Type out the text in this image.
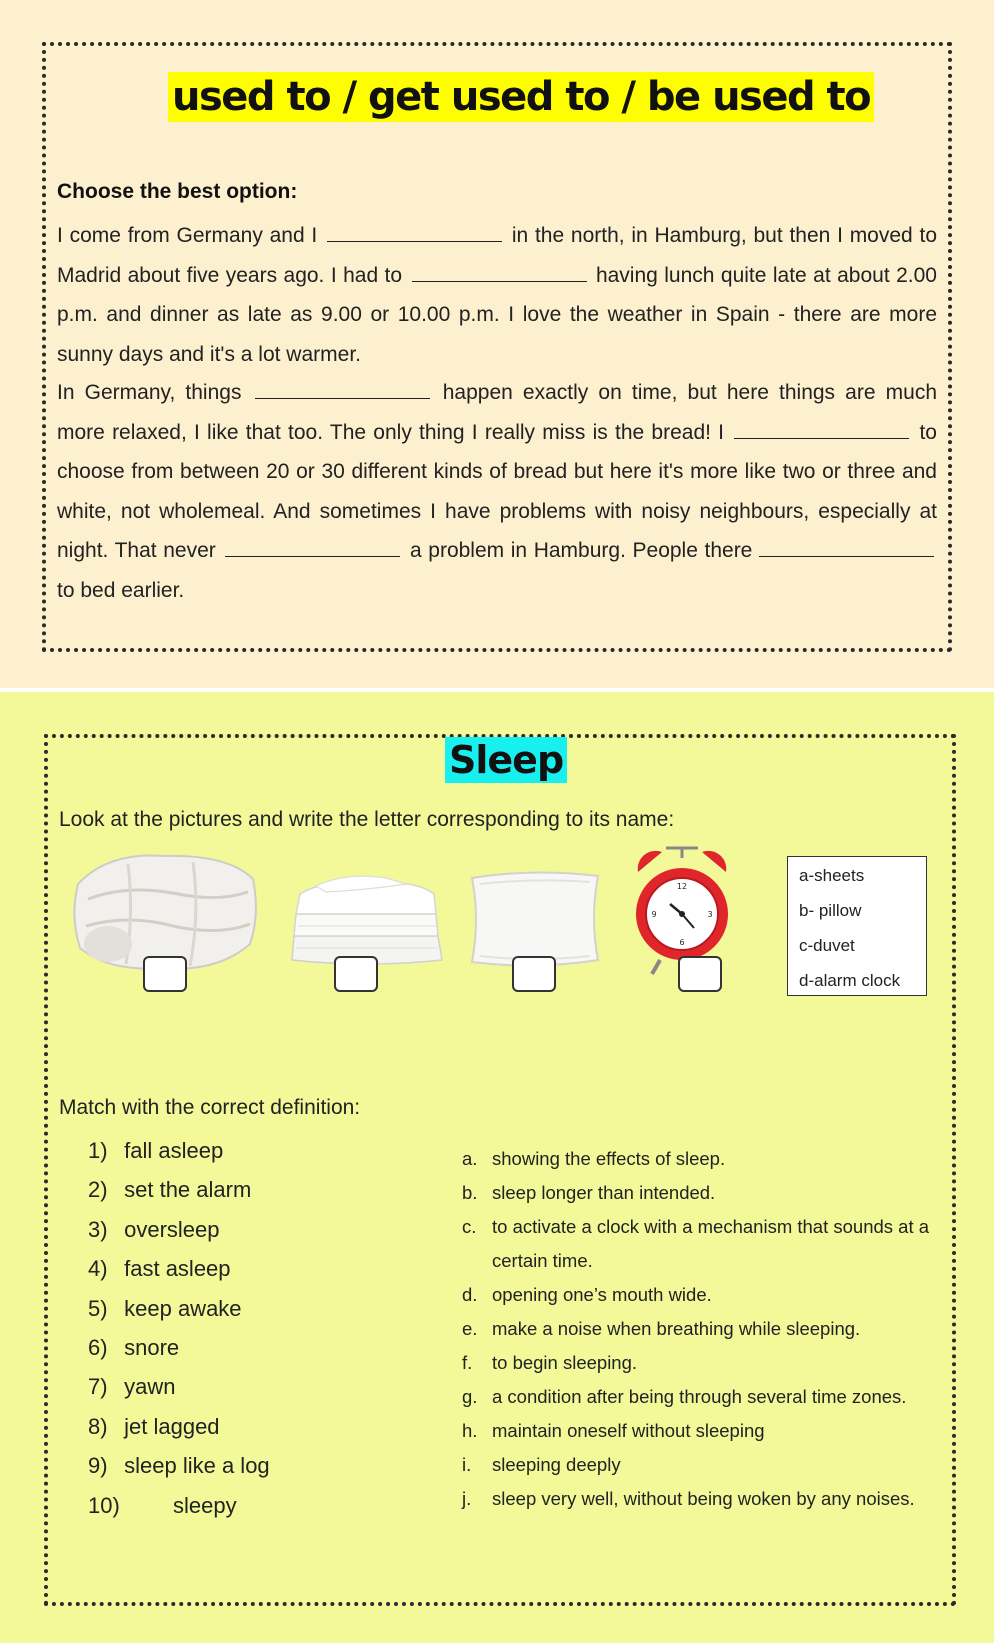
used to / get used to / be used to
Choose the best option:
I come from Germany and I	in the north, in Hamburg, but then I moved to Madrid about five years ago. I had to	having lunch quite late at about 2.00 p.m. and dinner as late as 9.00 or 10.00 p.m. I love the weather in Spain - there are more sunny days and it's a lot warmer.
In Germany, things	happen exactly on time, but here things are much more relaxed, I like that too. The only thing I really miss is the bread! I	to choose from between 20 or 30 different kinds of bread but here it's more like two or three and white, not wholemeal. And sometimes I have problems with noisy neighbours, especially at night. That never	a problem in Hamburg. People there to bed earlier.
Sleep
Look at the pictures and write the letter corresponding to its name:
12
3
6
9
a-sheets
b- pillow
c-duvet
d-alarm clock
Match with the correct definition:
1) fall asleep
2) set the alarm
3) oversleep
4) fast asleep
5) keep awake
6) snore
7) yawn
8) jet lagged
9) sleep like a log
10) sleepy
a. showing the effects of sleep.
b. sleep longer than intended.
c. to activate a clock with a mechanism that sounds at a certain time.
d. opening one’s mouth wide.
e. make a noise when breathing while sleeping.
f.	to begin sleeping.
g. a condition after being through several time zones.
h. maintain oneself without sleeping
i.	sleeping deeply
j.	sleep very well, without being woken by any noises.
